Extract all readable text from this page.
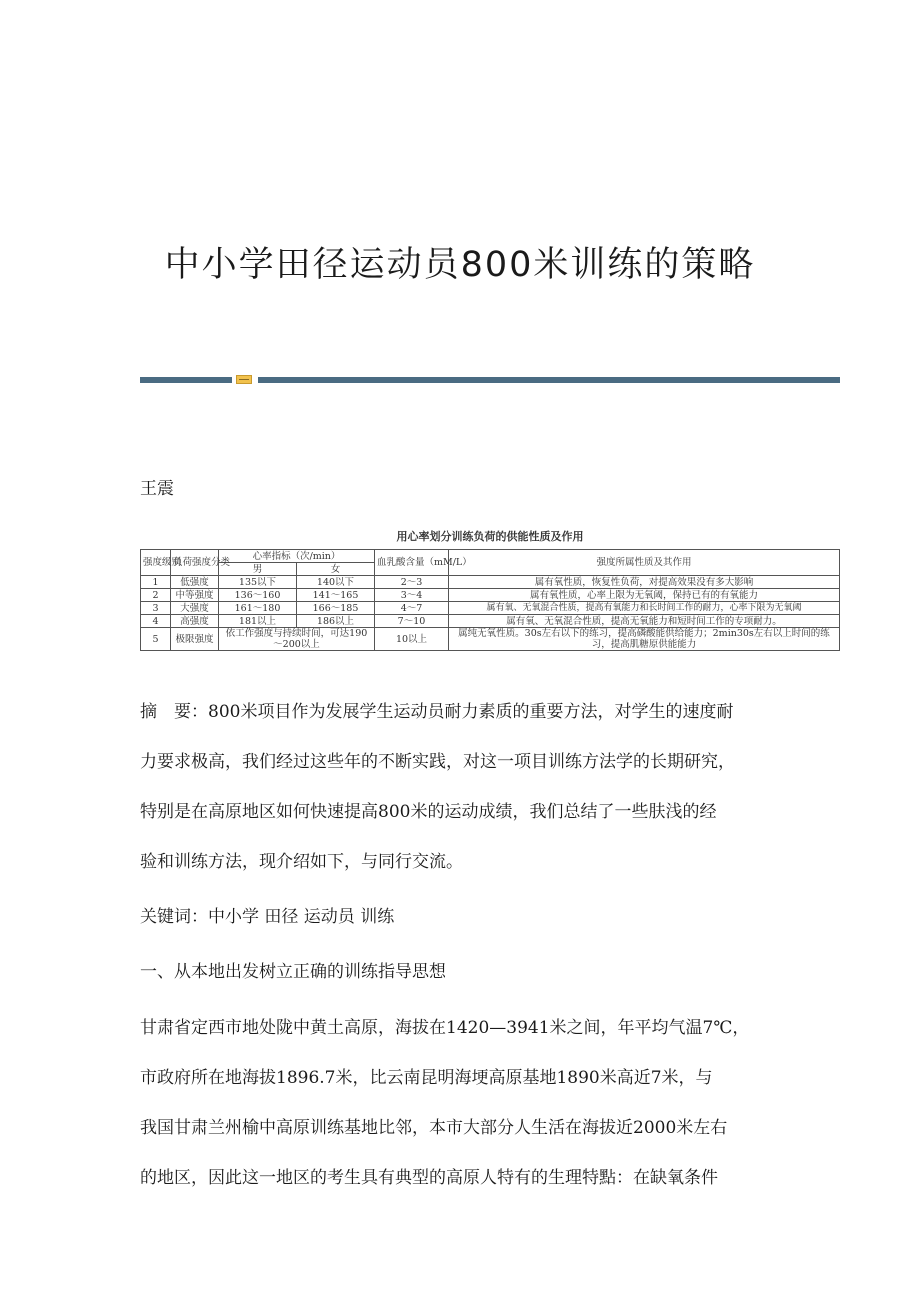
中小学田径运动员800米训练的策略
王震
用心率划分训练负荷的供能性质及作用
强度级别	负荷强度分类	心率指标（次/min）		血乳酸含量（mM/L）	强度所属性质及其作用
		男	女		
1	低强度	135以下	140以下	2～3	属有氧性质，恢复性负荷，对提高效果没有多大影响
2	中等强度	136～160	141～165	3～4	属有氧性质，心率上限为无氧阈，保持已有的有氧能力
3	大强度	161～180	166～185	4～7	属有氧、无氧混合性质，提高有氧能力和长时间工作的耐力，心率下限为无氧阈
4	高强度	181以上	186以上	7～10	属有氧、无氧混合性质，提高无氧能力和短时间工作的专项耐力。
5	极限强度	依工作强度与持续时间，可达190～200以上		10以上	属纯无氧性质。30s左右以下的练习，提高磷酸能供给能力；2min30s左右以上时间的练习，提高肌糖原供能能力

摘　要：800米项目作为发展学生运动员耐力素质的重要方法，对学生的速度耐

力要求极高，我们经过这些年的不断实践，对这一项目训练方法学的长期研究，

特别是在高原地区如何快速提高800米的运动成绩，我们总结了一些肤浅的经

验和训练方法，现介绍如下，与同行交流。

关键词：中小学 田径 运动员 训练
一、从本地出发树立正确的训练指导思想

甘肃省定西市地处陇中黄土高原，海拔在1420—3941米之间，年平均气温7℃，

市政府所在地海拔1896.7米，比云南昆明海埂高原基地1890米高近7米，与

我国甘肃兰州榆中高原训练基地比邻，本市大部分人生活在海拔近2000米左右

的地区，因此这一地区的考生具有典型的高原人特有的生理特點：在缺氧条件
